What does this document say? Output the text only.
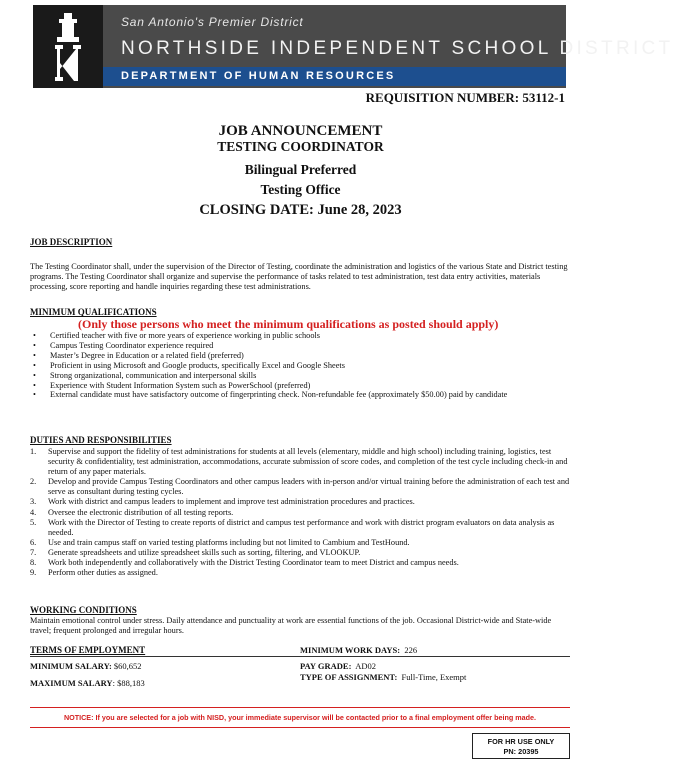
San Antonio's Premier District
NORTHSIDE INDEPENDENT SCHOOL DISTRICT
DEPARTMENT OF HUMAN RESOURCES
REQUISITION NUMBER: 53112-1
JOB ANNOUNCEMENT
TESTING COORDINATOR
Bilingual Preferred
Testing Office
CLOSING DATE: June 28, 2023
JOB DESCRIPTION
The Testing Coordinator shall, under the supervision of the Director of Testing, coordinate the administration and logistics of the various State and District testing programs. The Testing Coordinator shall organize and supervise the performance of tasks related to test administration, test data entry activities, materials processing, score reporting and handle inquiries regarding these test administrations.
MINIMUM QUALIFICATIONS
(Only those persons who meet the minimum qualifications as posted should apply)
• Certified teacher with five or more years of experience working in public schools
• Campus Testing Coordinator experience required
• Master’s Degree in Education or a related field (preferred)
• Proficient in using Microsoft and Google products, specifically Excel and Google Sheets
• Strong organizational, communication and interpersonal skills
• Experience with Student Information System such as PowerSchool (preferred)
• External candidate must have satisfactory outcome of fingerprinting check. Non-refundable fee (approximately $50.00) paid by candidate
DUTIES AND RESPONSIBILITIES
1. Supervise and support the fidelity of test administrations for students at all levels (elementary, middle and high school) including training, logistics, test security & confidentiality, test administration, accommodations, accurate submission of score codes, and completion of the test cycle including check-in and return of any paper materials.
2. Develop and provide Campus Testing Coordinators and other campus leaders with in-person and/or virtual training before the administration of each test and serve as consultant during testing cycles.
3. Work with district and campus leaders to implement and improve test administration procedures and practices.
4. Oversee the electronic distribution of all testing reports.
5. Work with the Director of Testing to create reports of district and campus test performance and work with district program evaluators on data analysis as needed.
6. Use and train campus staff on varied testing platforms including but not limited to Cambium and TestHound.
7. Generate spreadsheets and utilize spreadsheet skills such as sorting, filtering, and VLOOKUP.
8. Work both independently and collaboratively with the District Testing Coordinator team to meet District and campus needs.
9. Perform other duties as assigned.
WORKING CONDITIONS
Maintain emotional control under stress. Daily attendance and punctuality at work are essential functions of the job. Occasional District-wide and State-wide travel; frequent prolonged and irregular hours.
TERMS OF EMPLOYMENT	MINIMUM WORK DAYS: 226
MINIMUM SALARY: $60,652	PAY GRADE: AD02
MAXIMUM SALARY: $88,183
TYPE OF ASSIGNMENT: Full-Time, Exempt
NOTICE: If you are selected for a job with NISD, your immediate supervisor will be contacted prior to a final employment offer being made.
FOR HR USE ONLY
PN: 20395
